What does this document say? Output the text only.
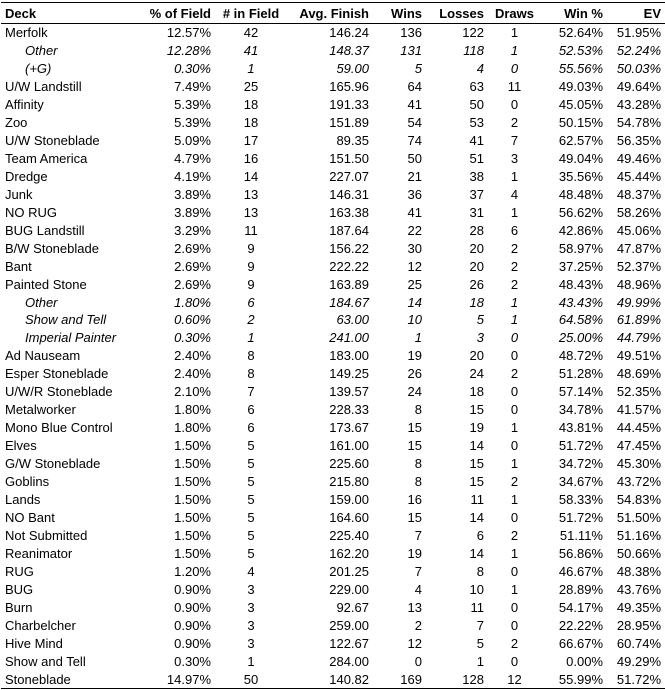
Deck	% of Field	# in Field	Avg. Finish	Wins	Losses	Draws	Win %	EV
Merfolk	12.57%	42	146.24	136	122	1	52.64%	51.95%
Other	12.28%	41	148.37	131	118	1	52.53%	52.24%
(+G)	0.30%	1	59.00	5	4	0	55.56%	50.03%
U/W Landstill	7.49%	25	165.96	64	63	11	49.03%	49.64%
Affinity	5.39%	18	191.33	41	50	0	45.05%	43.28%
Zoo	5.39%	18	151.89	54	53	2	50.15%	54.78%
U/W Stoneblade	5.09%	17	89.35	74	41	7	62.57%	56.35%
Team America	4.79%	16	151.50	50	51	3	49.04%	49.46%
Dredge	4.19%	14	227.07	21	38	1	35.56%	45.44%
Junk	3.89%	13	146.31	36	37	4	48.48%	48.37%
NO RUG	3.89%	13	163.38	41	31	1	56.62%	58.26%
BUG Landstill	3.29%	11	187.64	22	28	6	42.86%	45.06%
B/W Stoneblade	2.69%	9	156.22	30	20	2	58.97%	47.87%
Bant	2.69%	9	222.22	12	20	2	37.25%	52.37%
Painted Stone	2.69%	9	163.89	25	26	2	48.43%	48.96%
Other	1.80%	6	184.67	14	18	1	43.43%	49.99%
Show and Tell	0.60%	2	63.00	10	5	1	64.58%	61.89%
Imperial Painter	0.30%	1	241.00	1	3	0	25.00%	44.79%
Ad Nauseam	2.40%	8	183.00	19	20	0	48.72%	49.51%
Esper Stoneblade	2.40%	8	149.25	26	24	2	51.28%	48.69%
U/W/R Stoneblade	2.10%	7	139.57	24	18	0	57.14%	52.35%
Metalworker	1.80%	6	228.33	8	15	0	34.78%	41.57%
Mono Blue Control	1.80%	6	173.67	15	19	1	43.81%	44.45%
Elves	1.50%	5	161.00	15	14	0	51.72%	47.45%
G/W Stoneblade	1.50%	5	225.60	8	15	1	34.72%	45.30%
Goblins	1.50%	5	215.80	8	15	2	34.67%	43.72%
Lands	1.50%	5	159.00	16	11	1	58.33%	54.83%
NO Bant	1.50%	5	164.60	15	14	0	51.72%	51.50%
Not Submitted	1.50%	5	225.40	7	6	2	51.11%	51.16%
Reanimator	1.50%	5	162.20	19	14	1	56.86%	50.66%
RUG	1.20%	4	201.25	7	8	0	46.67%	48.38%
BUG	0.90%	3	229.00	4	10	1	28.89%	43.76%
Burn	0.90%	3	92.67	13	11	0	54.17%	49.35%
Charbelcher	0.90%	3	259.00	2	7	0	22.22%	28.95%
Hive Mind	0.90%	3	122.67	12	5	2	66.67%	60.74%
Show and Tell	0.30%	1	284.00	0	1	0	0.00%	49.29%
Stoneblade	14.97%	50	140.82	169	128	12	55.99%	51.72%
